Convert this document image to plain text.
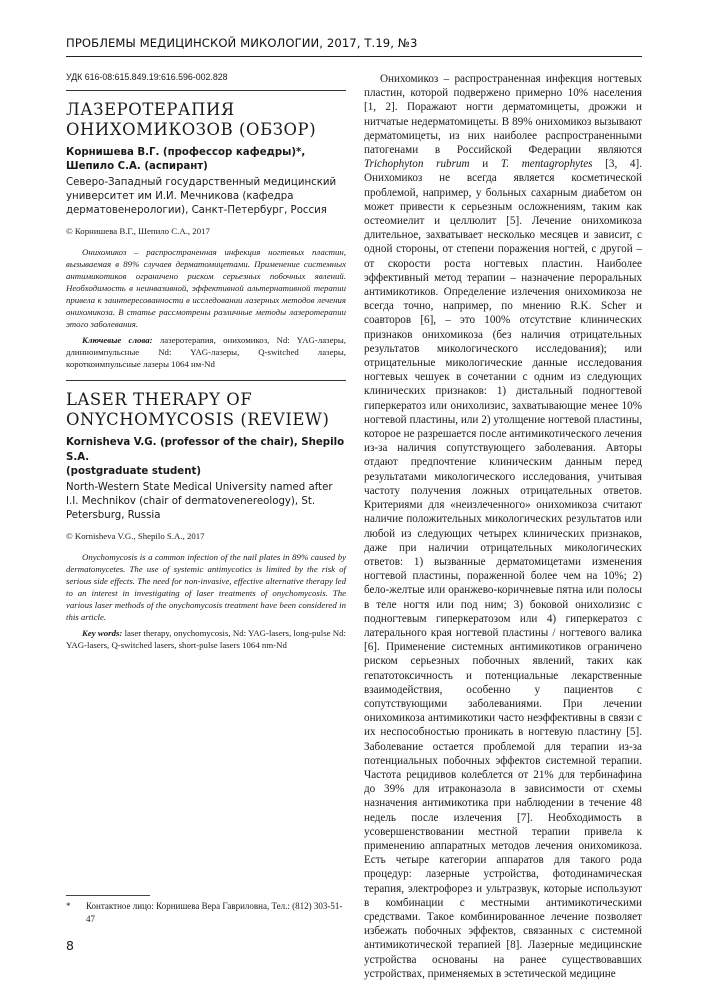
ПРОБЛЕМЫ МЕДИЦИНСКОЙ МИКОЛОГИИ, 2017, Т.19, №3
УДК 616-08:615.849.19:616.596-002.828
ЛАЗЕРОТЕРАПИЯ
ОНИХОМИКОЗОВ (ОБЗОР)
Корнишева В.Г. (профессор кафедры)*,
Шепило С.А. (аспирант)
Северо-Западный государственный медицинский университет им И.И. Мечникова (кафедра дерматовенерологии), Санкт-Петербург, Россия
© Корнишева В.Г., Шепило С.А., 2017
Онихомикоз – распространенная инфекция ногтевых пластин, вызываемая в 89% случаев дерматомицетами. Применение системных антимикотиков ограничено риском серьезных побочных явлений. Необходимость в неинвазивной, эффективной альтернативной терапии привела к заинтересованности в исследовании лазерных методов лечения онихомикоза. В статье рассмотрены различные методы лазеротерапии этого заболевания.
Ключевые слова: лазеротерапия, онихомикоз, Nd: YAG-лазеры, длинноимпульсные Nd: YAG-лазеры, Q-switched лазеры, короткоимпульсные лазеры 1064 нм-Nd
LASER THERAPY OF
ONYCHOMYCOSIS (REVIEW)
Kornisheva V.G. (professor of the chair), Shepilo S.A.
(postgraduate student)
North-Western State Medical University named after I.I. Mechnikov (chair of dermatovenereology), St. Petersburg, Russia
© Kornisheva V.G., Shepilo S.A., 2017
Onychomycosis is a common infection of the nail plates in 89% caused by dermatomycetes. The use of systemic antimycotics is limited by the risk of serious side effects. The need for non-invasive, effective alternative therapy led to an interest in investigating of laser treatments of onychomycosis. The various laser methods of the onychomycosis treatment have been considered in this article.
Key words: laser therapy, onychomycosis, Nd: YAG-lasers, long-pulse Nd: YAG-lasers, Q-switched lasers, short-pulse lasers 1064 nm-Nd

Онихомикоз – распространенная инфекция ногтевых пластин, которой подвержено примерно 10% населения [1, 2]. Поражают ногти дерматомицеты, дрожжи и нитчатые недерматомицеты. В 89% онихомикоз вызывают дерматомицеты, из них наиболее распространенными патогенами в Российской Федерации являются Trichophyton rubrum и T. mentagrophytes [3, 4]. Онихомикоз не всегда является косметической проблемой, например, у больных сахарным диабетом он может привести к серьезным осложнениям, таким как остеомиелит и целлюлит [5]. Лечение онихомикоза длительное, захватывает несколько месяцев и зависит, с одной стороны, от степени поражения ногтей, с другой – от скорости роста ногтевых пластин. Наиболее эффективный метод терапии – назначение пероральных антимикотиков. Определение излечения онихомикоза не всегда точно, например, по мнению R.K. Scher и соавторов [6], – это 100% отсутствие клинических признаков онихомикоза (без наличия отрицательных результатов микологического исследования); или отрицательные микологические данные исследования ногтевых чешуек в сочетании с одним из следующих клинических признаков: 1) дистальный подногтевой гиперкератоз или онихолизис, захватывающие менее 10% ногтевой пластины, или 2) утолщение ногтевой пластины, которое не разрешается после антимикотического лечения из-за наличия сопутствующего заболевания. Авторы отдают предпочтение клиническим данным перед результатами микологического исследования, учитывая частоту получения ложных отрицательных ответов. Критериями для «неизлеченного» онихомикоза считают наличие положительных микологических результатов или любой из следующих четырех клинических признаков, даже при наличии отрицательных микологических ответов: 1) вызванные дерматомицетами изменения ногтевой пластины, пораженной более чем на 10%; 2) бело-желтые или оранжево-коричневые пятна или полосы в теле ногтя или под ним; 3) боковой онихолизис с подногтевым гиперкератозом или 4) гиперкератоз с латерального края ногтевой пластины / ногтевого валика [6]. Применение системных антимикотиков ограничено риском серьезных побочных явлений, таких как гепатотоксичность и потенциальные лекарственные взаимодействия, особенно у пациентов с сопутствующими заболеваниями. При лечении онихомикоза антимикотики часто неэффективны в связи с их неспособностью проникать в ногтевую пластину [5]. Заболевание остается проблемой для терапии из-за потенциальных побочных эффектов системной терапии. Частота рецидивов колеблется от 21% для тербинафина до 39% для итраконазола в зависимости от схемы назначения антимикотика при наблюдении в течение 48 недель после излечения [7]. Необходимость в усовершенствовании местной терапии привела к применению аппаратных методов лечения онихомикоза. Есть четыре категории аппаратов для такого рода процедур: лазерные устройства, фотодинамическая терапия, электрофорез и ультразвук, которые используют в комбинации с местными антимикотическими средствами. Такое комбинированное лечение позволяет избежать побочных эффектов, связанных с системной антимикотической терапией [8]. Лазерные медицинские устройства основаны на ранее существовавших устройствах, применяемых в эстетической медицине

* Контактное лицо: Корнишева Вера Гавриловна, Тел.: (812) 303-51-47
8
